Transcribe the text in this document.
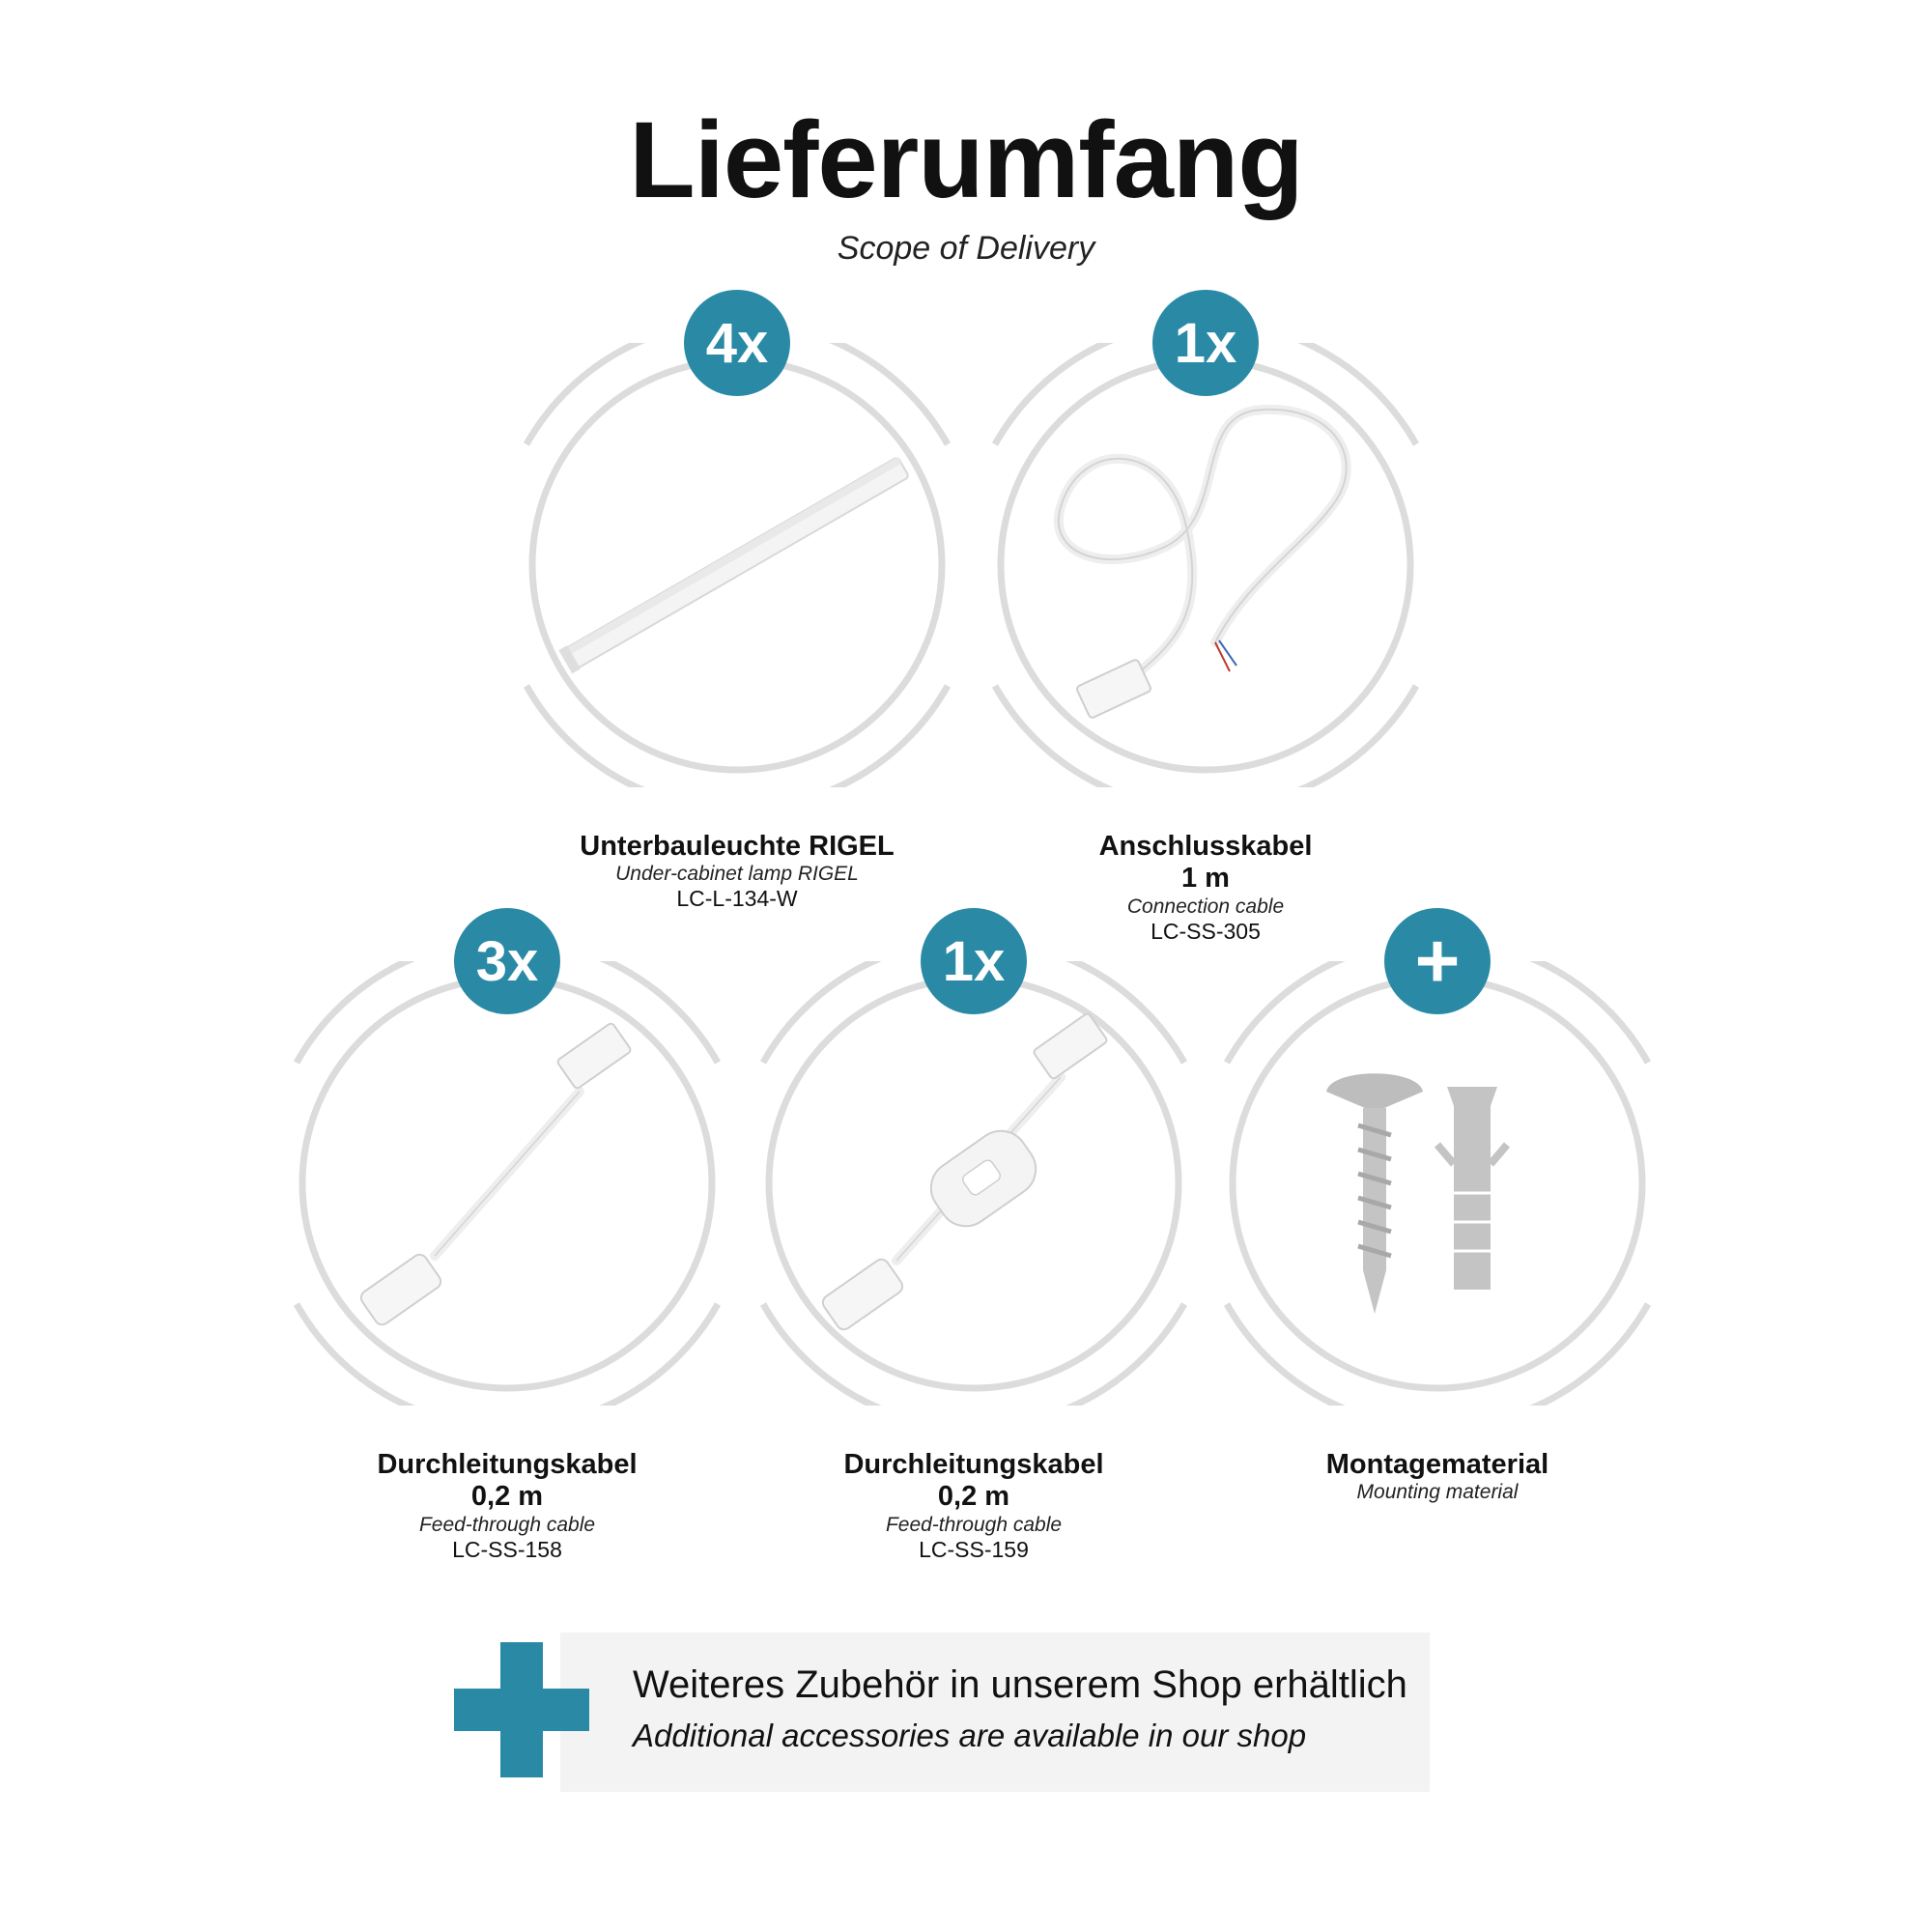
Lieferumfang
Scope of Delivery
4x
Unterbauleuchte RIGEL
Under-cabinet lamp RIGEL
LC-L-134-W
1x
Anschlusskabel
1 m
Connection cable
LC-SS-305
3x
Durchleitungskabel
0,2 m
Feed-through cable
LC-SS-158
1x
Durchleitungskabel
0,2 m
Feed-through cable
LC-SS-159
+
Montagematerial
Mounting material
Weiteres Zubehör in unserem Shop erhältlich
Additional accessories are available in our shop
